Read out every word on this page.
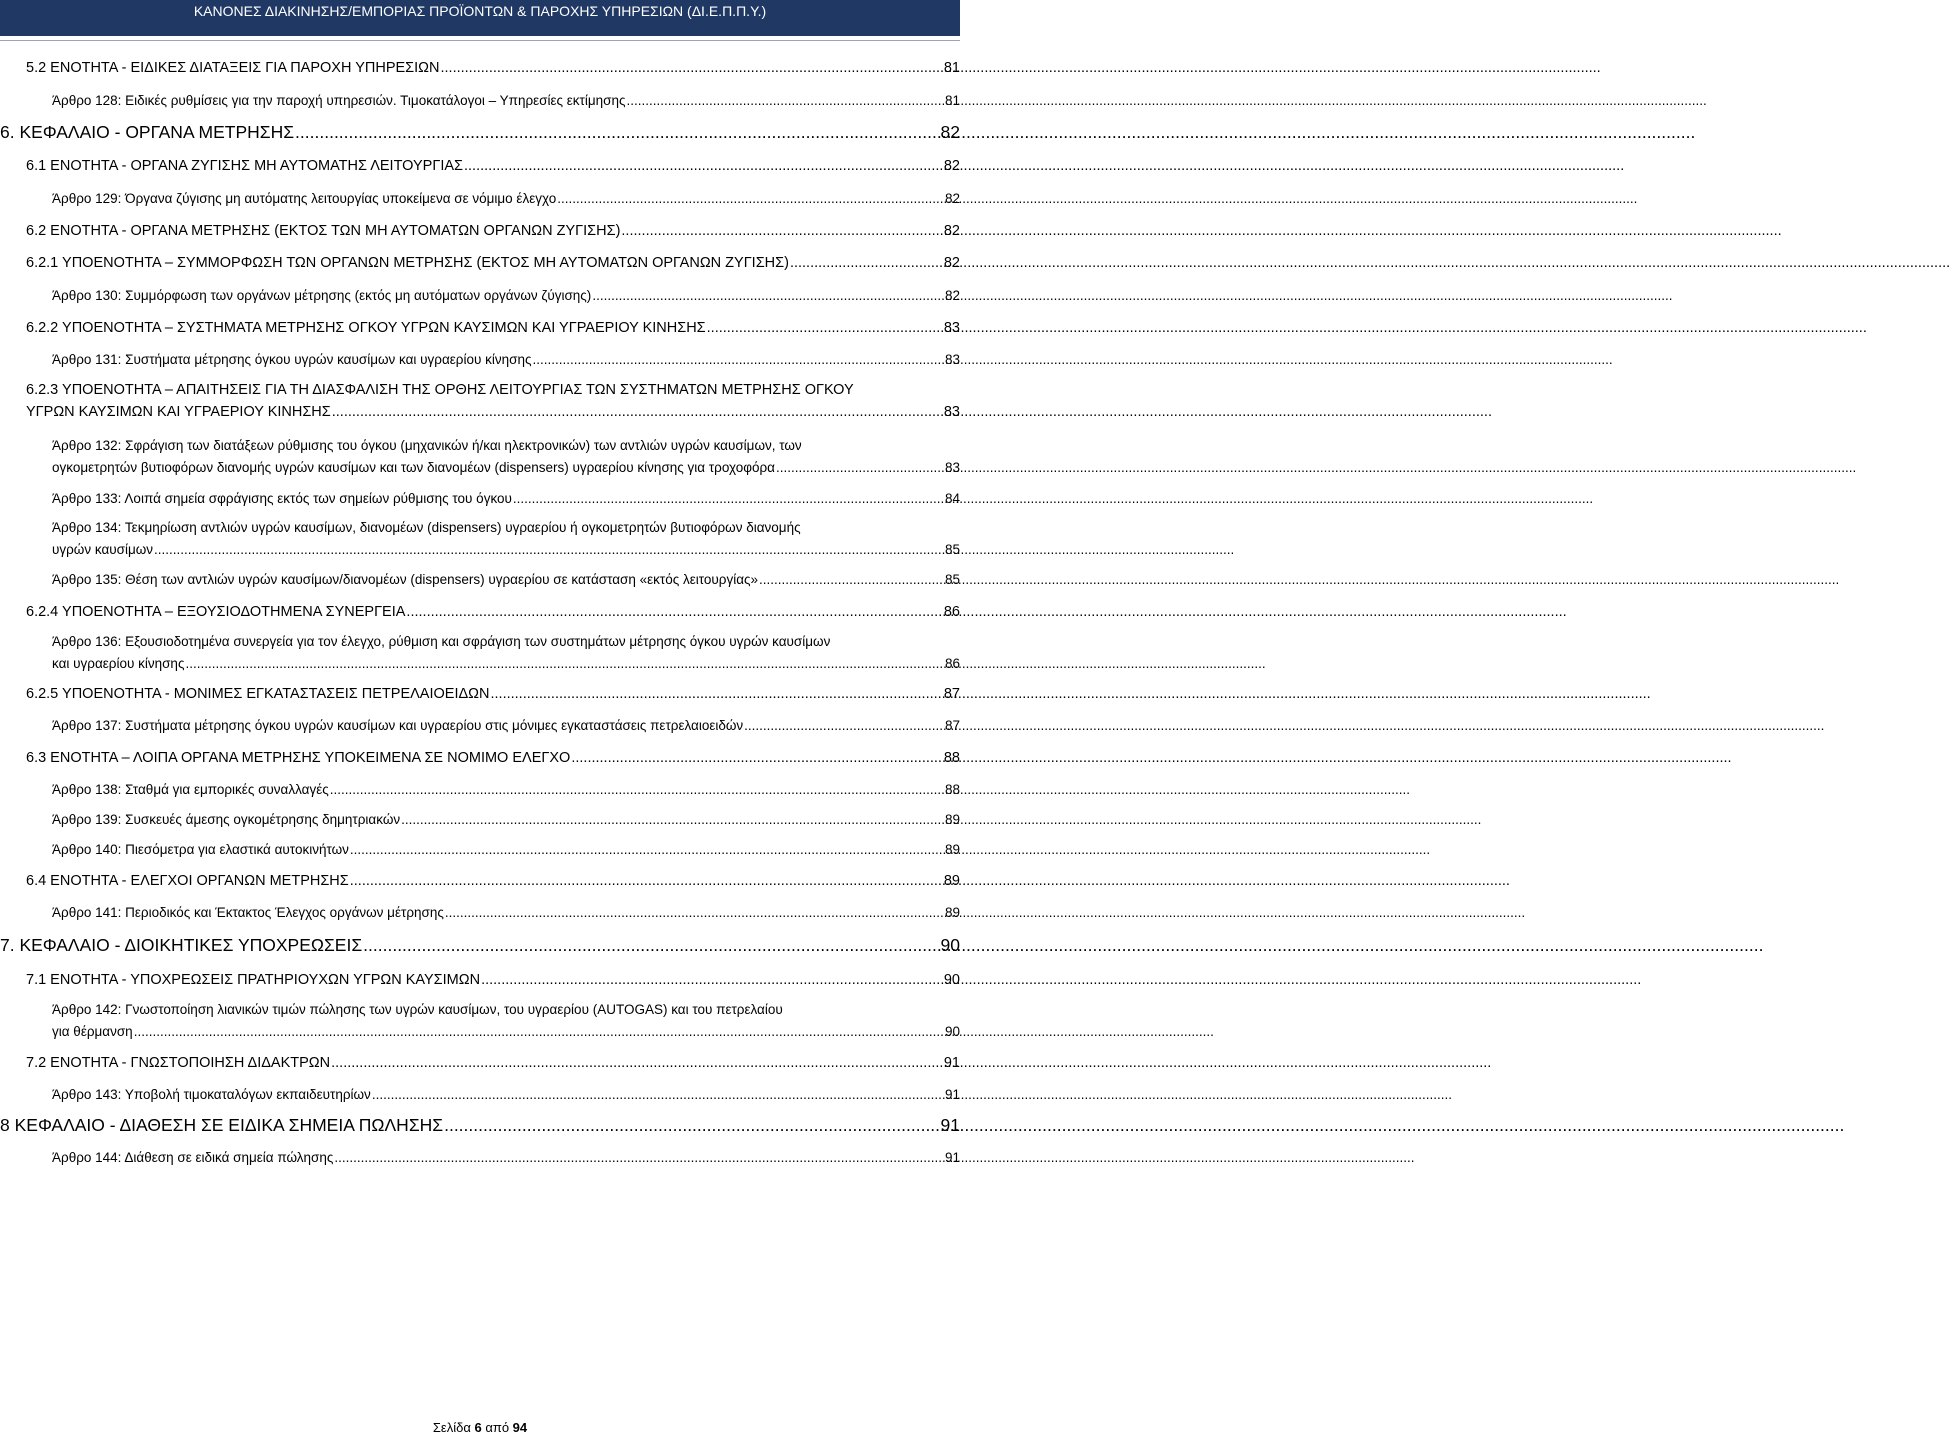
ΚΑΝΟΝΕΣ ΔΙΑΚΙΝΗΣΗΣ/ΕΜΠΟΡΙΑΣ ΠΡΟΪΟΝΤΩΝ & ΠΑΡΟΧΗΣ ΥΠΗΡΕΣΙΩΝ (ΔΙ.Ε.Π.Π.Υ.)
5.2 ΕΝΟΤΗΤΑ - ΕΙΔΙΚΕΣ ΔΙΑΤΑΞΕΙΣ ΓΙΑ ΠΑΡΟΧΗ ΥΠΗΡΕΣΙΩΝ .....	81
Άρθρο 128: Ειδικές ρυθμίσεις για την παροχή υπηρεσιών. Τιμοκατάλογοι – Υπηρεσίες εκτίμησης .....	81
6. ΚΕΦΑΛΑΙΟ - ΟΡΓΑΝΑ ΜΕΤΡΗΣΗΣ .....	82
6.1 ΕΝΟΤΗΤΑ - ΟΡΓΑΝΑ ΖΥΓΙΣΗΣ ΜΗ ΑΥΤΟΜΑΤΗΣ ΛΕΙΤΟΥΡΓΙΑΣ .....	82
Άρθρο 129: Όργανα ζύγισης μη αυτόματης λειτουργίας υποκείμενα σε νόμιμο έλεγχο .....	82
6.2 ΕΝΟΤΗΤΑ - ΟΡΓΑΝΑ ΜΕΤΡΗΣΗΣ (ΕΚΤΟΣ ΤΩΝ ΜΗ ΑΥΤΟΜΑΤΩΝ ΟΡΓΑΝΩΝ ΖΥΓΙΣΗΣ) .....	82
6.2.1 ΥΠΟΕΝΟΤΗΤΑ – ΣΥΜΜΟΡΦΩΣΗ ΤΩΝ ΟΡΓΑΝΩΝ ΜΕΤΡΗΣΗΣ (ΕΚΤΟΣ ΜΗ ΑΥΤΟΜΑΤΩΝ ΟΡΓΑΝΩΝ ΖΥΓΙΣΗΣ) .....	82
Άρθρο 130: Συμμόρφωση των οργάνων μέτρησης (εκτός μη αυτόματων οργάνων ζύγισης) .....	82
6.2.2 ΥΠΟΕΝΟΤΗΤΑ – ΣΥΣΤΗΜΑΤΑ ΜΕΤΡΗΣΗΣ ΟΓΚΟΥ ΥΓΡΩΝ ΚΑΥΣΙΜΩΝ ΚΑΙ ΥΓΡΑΕΡΙΟΥ ΚΙΝΗΣΗΣ .....	83
Άρθρο 131: Συστήματα μέτρησης όγκου υγρών καυσίμων και υγραερίου κίνησης .....	83
6.2.3 ΥΠΟΕΝΟΤΗΤΑ – ΑΠΑΙΤΗΣΕΙΣ ΓΙΑ ΤΗ ΔΙΑΣΦΑΛΙΣΗ ΤΗΣ ΟΡΘΗΣ ΛΕΙΤΟΥΡΓΙΑΣ ΤΩΝ ΣΥΣΤΗΜΑΤΩΝ ΜΕΤΡΗΣΗΣ ΟΓΚΟΥ
ΥΓΡΩΝ ΚΑΥΣΙΜΩΝ ΚΑΙ ΥΓΡΑΕΡΙΟΥ ΚΙΝΗΣΗΣ .....	83
Άρθρο 132: Σφράγιση των διατάξεων ρύθμισης του όγκου (μηχανικών ή/και ηλεκτρονικών) των αντλιών υγρών καυσίμων, των
ογκομετρητών βυτιοφόρων διανομής υγρών καυσίμων και των διανομέων (dispensers) υγραερίου κίνησης για τροχοφόρα .....	83
Άρθρο 133: Λοιπά σημεία σφράγισης εκτός των σημείων ρύθμισης του όγκου .....	84
Άρθρο 134: Τεκμηρίωση αντλιών υγρών καυσίμων, διανομέων (dispensers) υγραερίου ή ογκομετρητών βυτιοφόρων διανομής
υγρών καυσίμων .....	85
Άρθρο 135: Θέση των αντλιών υγρών καυσίμων/διανομέων (dispensers) υγραερίου σε κατάσταση «εκτός λειτουργίας» .....	85
6.2.4 ΥΠΟΕΝΟΤΗΤΑ – ΕΞΟΥΣΙΟΔΟΤΗΜΕΝΑ ΣΥΝΕΡΓΕΙΑ .....	86
Άρθρο 136: Εξουσιοδοτημένα συνεργεία για τον έλεγχο, ρύθμιση και σφράγιση των συστημάτων μέτρησης όγκου υγρών καυσίμων
και υγραερίου κίνησης .....	86
6.2.5 ΥΠΟΕΝΟΤΗΤΑ - ΜΟΝΙΜΕΣ ΕΓΚΑΤΑΣΤΑΣΕΙΣ ΠΕΤΡΕΛΑΙΟΕΙΔΩΝ .....	87
Άρθρο 137: Συστήματα μέτρησης όγκου υγρών καυσίμων και υγραερίου στις μόνιμες εγκαταστάσεις πετρελαιοειδών .....	87
6.3 ΕΝΟΤΗΤΑ – ΛΟΙΠΑ ΟΡΓΑΝΑ ΜΕΤΡΗΣΗΣ ΥΠΟΚΕΙΜΕΝΑ ΣΕ ΝΟΜΙΜΟ ΕΛΕΓΧΟ .....	88
Άρθρο 138: Σταθμά για εμπορικές συναλλαγές .....	88
Άρθρο 139: Συσκευές άμεσης ογκομέτρησης δημητριακών .....	89
Άρθρο 140: Πιεσόμετρα για ελαστικά αυτοκινήτων .....	89
6.4 ΕΝΟΤΗΤΑ - ΕΛΕΓΧΟΙ ΟΡΓΑΝΩΝ ΜΕΤΡΗΣΗΣ .....	89
Άρθρο 141: Περιοδικός και Έκτακτος Έλεγχος οργάνων μέτρησης .....	89
7. ΚΕΦΑΛΑΙΟ - ΔΙΟΙΚΗΤΙΚΕΣ ΥΠΟΧΡΕΩΣΕΙΣ .....	90
7.1 ΕΝΟΤΗΤΑ - ΥΠΟΧΡΕΩΣΕΙΣ ΠΡΑΤΗΡΙΟΥΧΩΝ ΥΓΡΩΝ ΚΑΥΣΙΜΩΝ .....	90
Άρθρο 142: Γνωστοποίηση λιανικών τιμών πώλησης των υγρών καυσίμων, του υγραερίου (AUTOGAS) και του πετρελαίου
για θέρμανση .....	90
7.2 ΕΝΟΤΗΤΑ - ΓΝΩΣΤΟΠΟΙΗΣΗ ΔΙΔΑΚΤΡΩΝ .....	91
Άρθρο 143: Υποβολή τιμοκαταλόγων εκπαιδευτηρίων .....	91
8 ΚΕΦΑΛΑΙΟ - ΔΙΑΘΕΣΗ ΣΕ ΕΙΔΙΚΑ ΣΗΜΕΙΑ ΠΩΛΗΣΗΣ .....	91
Άρθρο 144: Διάθεση σε ειδικά σημεία πώλησης .....	91
Σελίδα 6 από 94
